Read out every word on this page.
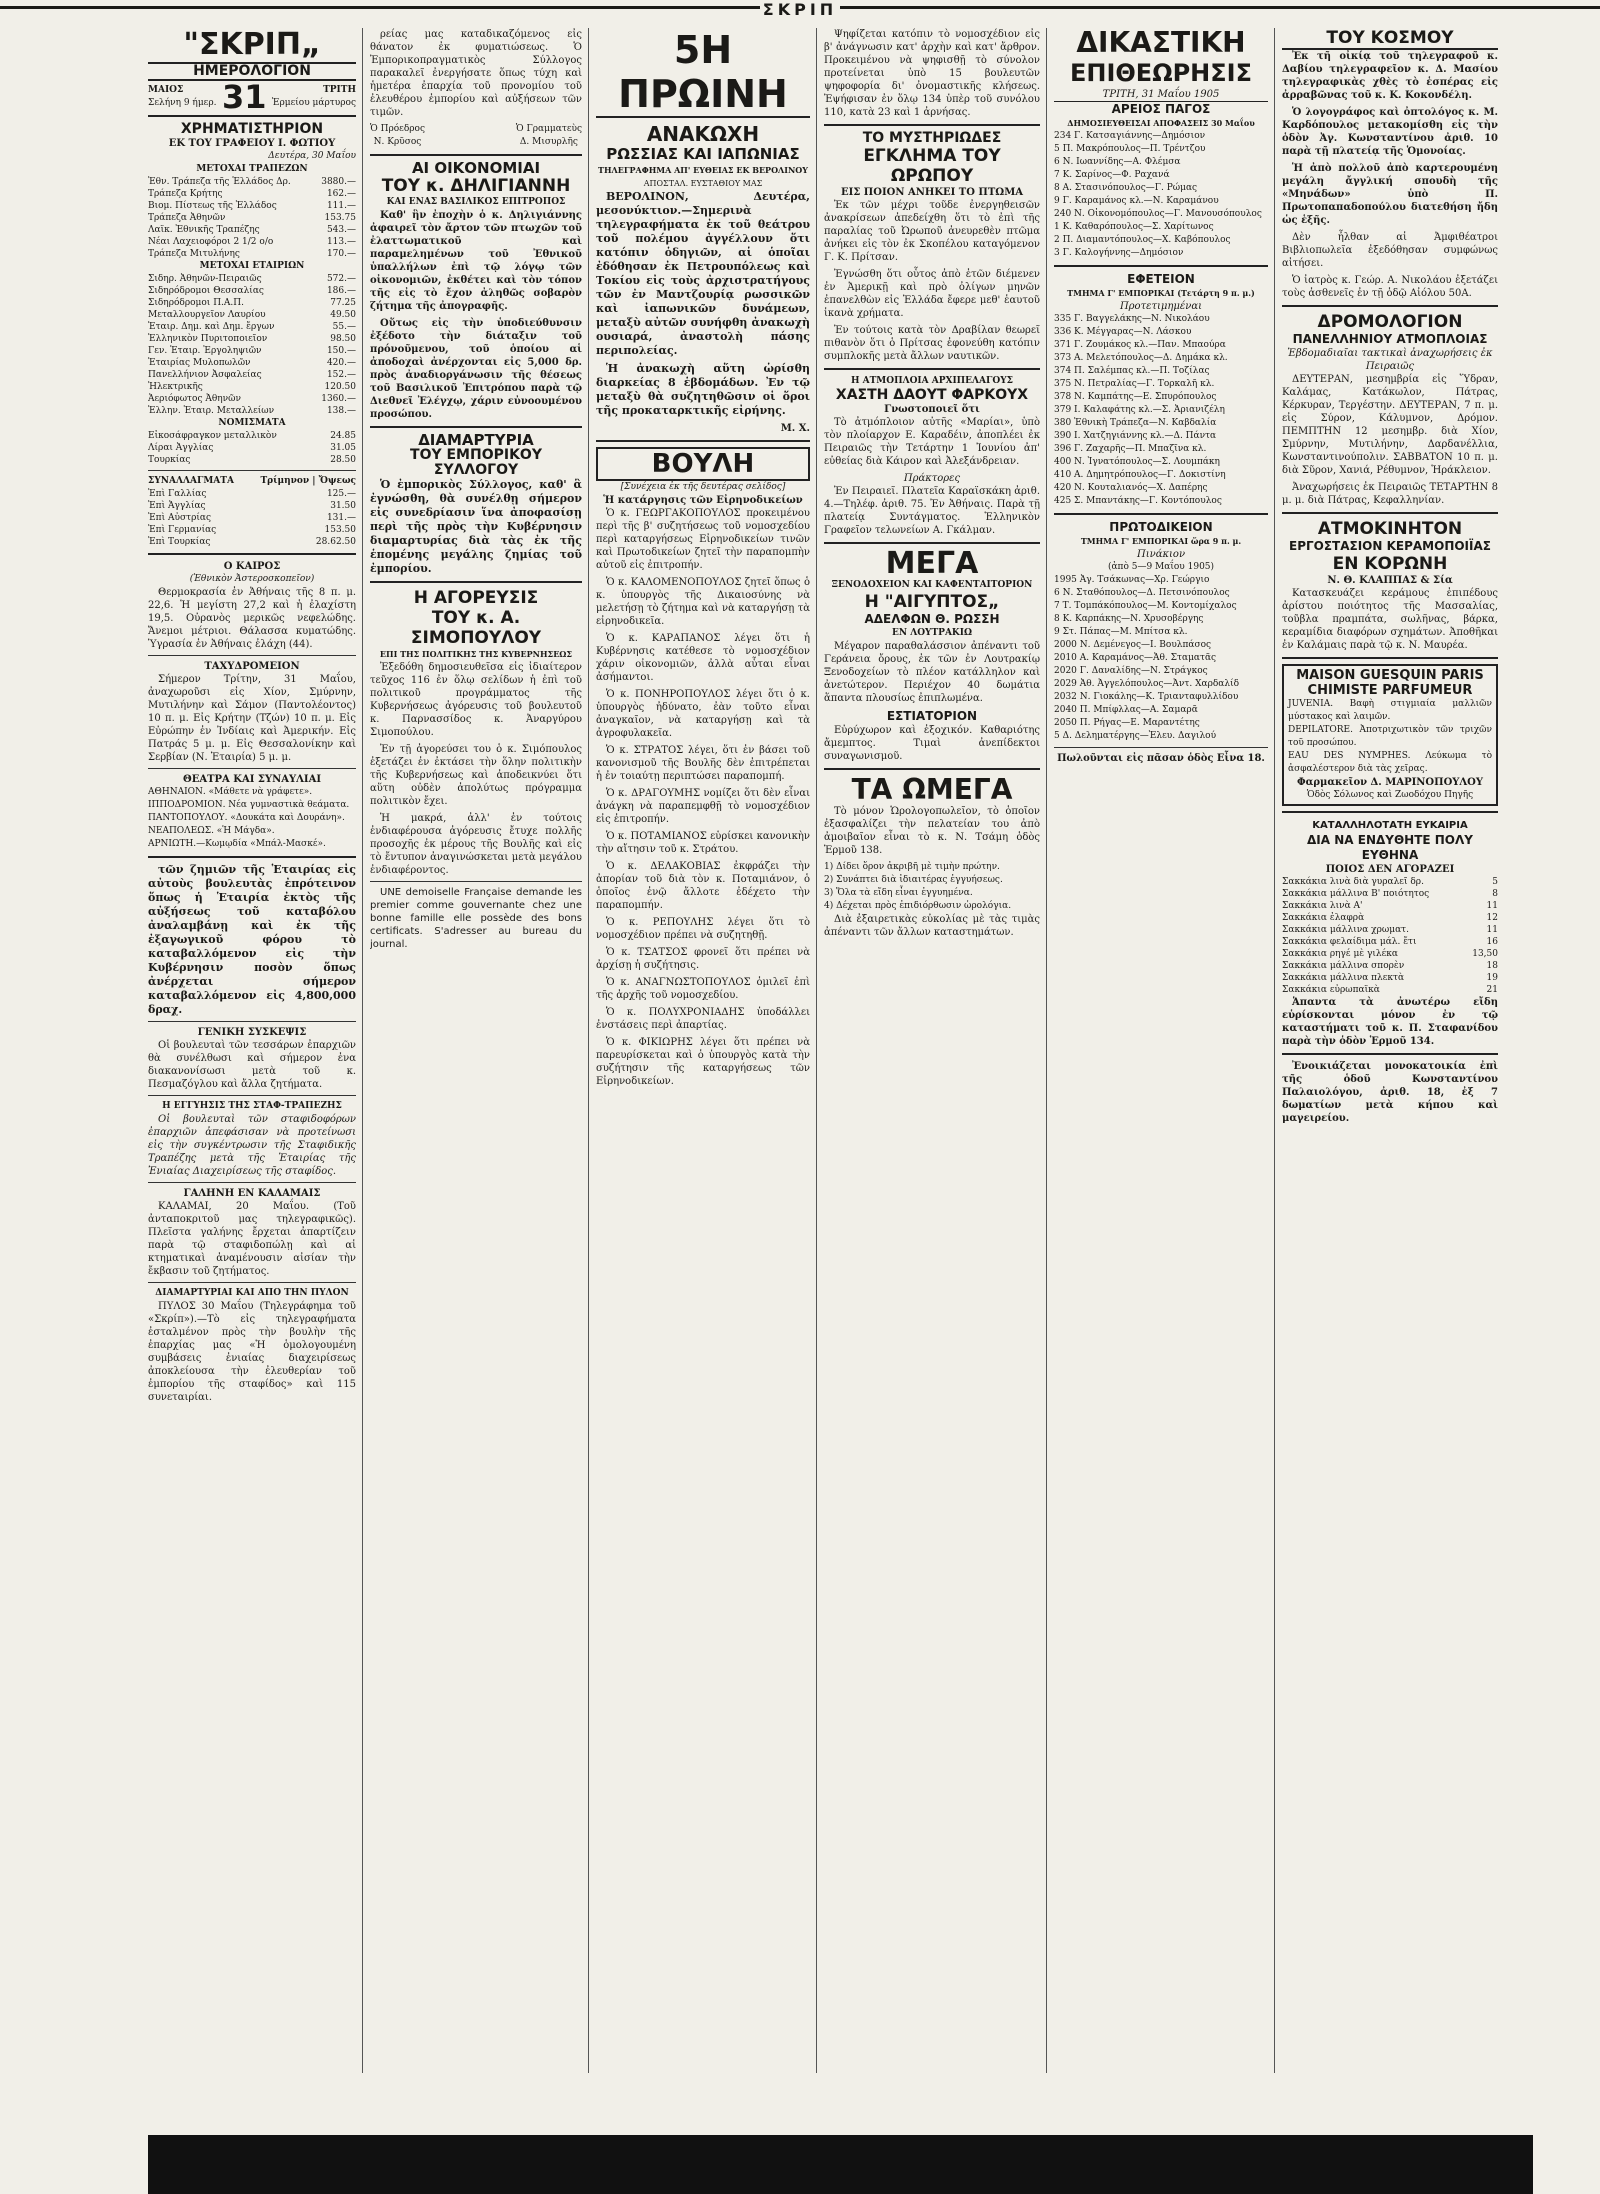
ΣΚΡΙΠ
"ΣΚΡΙΠ„
ΗΜΕΡΟΛΟΓΙΟΝ
ΜΑΙΟΣ
Σελήνη 9 ήμερ. 31	ΤΡΙΤΗ
Ἑρμείου μάρτυρος
ΧΡΗΜΑΤΙΣΤΗΡΙΟΝ
ΕΚ ΤΟΥ ΓΡΑΦΕΙΟΥ Ι. ΦΩΤΙΟΥ
Δευτέρα, 30 Μαΐου
ΜΕΤΟΧΑΙ ΤΡΑΠΕΖΩΝ
Ἐθν. Τράπεζα τῆς Ἑλλάδος Δρ.	3880.—
Τράπεζα Κρήτης	162.—
Βιομ. Πίστεως τῆς Ἑλλάδος	111.—
Τράπεζα Ἀθηνῶν	153.75
Λαϊκ. Ἐθνικῆς Τραπέζης	543.—
Νέαι Λαχειοφόροι 2 1/2 ο/ο	113.—
Τράπεζα Μιτυλήνης	170.—
ΜΕΤΟΧΑΙ ΕΤΑΙΡΙΩΝ
Σιδηρ. Ἀθηνῶν-Πειραιῶς	572.—
Σιδηρόδρομοι Θεσσαλίας	186.—
Σιδηρόδρομοι Π.Α.Π.	77.25
Μεταλλουργεῖον Λαυρίου	49.50
Ἑταιρ. Δημ. καὶ Δημ. ἔργων	55.—
Ἑλληνικὸν Πυριτοποιεῖον	98.50
Γεν. Ἑταιρ. Ἐργοληψιῶν	150.—
Ἑταιρίας Μυλοπωλῶν	420.—
Πανελλήνιον Ἀσφαλείας	152.—
Ἠλεκτρικῆς	120.50
Ἀεριόφωτος Ἀθηνῶν	1360.—
Ἑλλην. Ἑταιρ. Μεταλλείων	138.—
ΝΟΜΙΣΜΑΤΑ
Εἰκοσάφραγκον μεταλλικὸν	24.85
Λίραι Ἀγγλίας	31.05
Τουρκίας	28.50
ΣΥΝΑΛΛΑΓΜΑΤΑ	Τρίμηνον | Ὄψεως
Ἐπὶ Γαλλίας	125.—
Ἐπὶ Ἀγγλίας	31.50
Ἐπὶ Αὐστρίας	131.—
Ἐπὶ Γερμανίας	153.50
Ἐπὶ Τουρκίας	28.62.50
Ο ΚΑΙΡΟΣ
(Ἐθνικὸν Ἀστεροσκοπεῖον)

Θερμοκρασία ἐν Ἀθήναις τῆς 8 π. μ. 22,6. Ἡ μεγίστη 27,2 καὶ ἡ ἐλαχίστη 19,5. Οὐρανὸς μερικῶς νεφελώδης. Ἄνεμοι μέτριοι. Θάλασσα κυματώδης. Ὑγρασία ἐν Ἀθήναις ἐλάχη (44).

ΤΑΧΥΔΡΟΜΕΙΟΝ

Σήμερον Τρίτην, 31 Μαΐου, ἀναχωροῦσι εἰς Χίον, Σμύρνην, Μυτιλήνην καὶ Σάμον (Παντολέοντος) 10 π. μ. Εἰς Κρήτην (Τζών) 10 π. μ. Εἰς Εὐρώπην ἐν Ἰνδίαις καὶ Ἀμερικήν. Εἰς Πατράς 5 μ. μ. Εἰς Θεσσαλονίκην καὶ Σερβίαν (Ν. Ἑταιρία) 5 μ. μ.

ΘΕΑΤΡΑ ΚΑΙ ΣΥΝΑΥΛΙΑΙ
ΑΘΗΝΑΙΟΝ. «Μάθετε νὰ γράφετε».
ΙΠΠΟΔΡΟΜΙΟΝ. Νέα γυμναστικὰ θεάματα.
ΠΑΝΤΟΠΟΥΛΟΥ. «Δουκάτα καὶ Δουράνη».
ΝΕΑΠΟΛΕΩΣ. «Ἡ Μάγδα».
ΑΡΝΙΩΤΗ.—Κωμῳδία «Μπάλ-Μασκέ».

τῶν ζημιῶν τῆς Ἑταιρίας εἰς αὐτοὺς βουλευτὰς ἐπρότεινον ὅπως ἡ Ἑταιρία ἐκτὸς τῆς αὐξήσεως τοῦ καταβόλου ἀναλαμβάνῃ καὶ ἐκ τῆς ἐξαγωγικοῦ φόρου τὸ καταβαλλόμενον εἰς τὴν Κυβέρνησιν ποσὸν ὅπως ἀνέρχεται σήμερον καταβαλλόμενον εἰς 4,800,000 δραχ.

ΓΕΝΙΚΗ ΣΥΣΚΕΨΙΣ

Οἱ βουλευταὶ τῶν τεσσάρων ἐπαρχιῶν θὰ συνέλθωσι καὶ σήμερον ἐνα διακανονίσωσι μετὰ τοῦ κ. Πεσμαζόγλου καὶ ἄλλα ζητήματα.

Η ΕΓΓΥΗΣΙΣ ΤΗΣ ΣΤΑΦ-ΤΡΑΠΕΖΗΣ

Οἱ βουλευταὶ τῶν σταφιδοφόρων ἐπαρχιῶν ἀπεφάσισαν νὰ προτείνωσι εἰς τὴν συγκέντρωσιν τῆς Σταφιδικῆς Τραπέζης μετὰ τῆς Ἑταιρίας τῆς Ἐνιαίας Διαχειρίσεως τῆς σταφίδος.

ΓΑΛΗΝΗ ΕΝ ΚΑΛΑΜΑΙΣ

ΚΑΛΑΜΑΙ, 20 Μαΐου. (Τοῦ ἀνταποκριτοῦ μας τηλεγραφικῶς). Πλεῖστα γαλήνης ἔρχεται ἀπαρτίζειν παρὰ τῷ σταφιδοπώλῃ καὶ αἱ κτηματικαὶ ἀναμένουσιν αἰσίαν τὴν ἔκβασιν τοῦ ζητήματος.

ΔΙΑΜΑΡΤΥΡΙΑΙ ΚΑΙ ΑΠΟ ΤΗΝ ΠΥΛΟΝ

ΠΥΛΟΣ 30 Μαΐου (Τηλεγράφημα τοῦ «Σκρίπ»).—Τὸ εἰς τηλεγραφήματα ἐσταλμένον πρὸς τὴν βουλὴν τῆς ἐπαρχίας μας «Ἡ ὁμολογουμένη συμβάσεις ἐνιαίας διαχειρίσεως ἀποκλείουσα τὴν ἐλευθερίαν τοῦ ἐμπορίου τῆς σταφίδος» καὶ 115 συνεταιρίαι.

ρείας μας καταδικαζόμενος εἰς θάνατον ἐκ φυματιώσεως. Ὁ Ἐμπορικοπραγματικὸς Σύλλογος παρακαλεῖ ἐνεργήσατε ὅπως τύχη καὶ ἡμετέρα ἐπαρχία τοῦ προνομίου τοῦ ἐλευθέρου ἐμπορίου καὶ αὐξήσεων τῶν τιμῶν.

Ὁ Πρόεδρος
Ν. Κρῦσος
Ὁ Γραμματεὺς
Δ. Μισυρλῆς
ΑΙ ΟΙΚΟΝΟΜΙΑΙ
ΤΟΥ κ. ΔΗΛΙΓΙΑΝΝΗ
ΚΑΙ ΕΝΑΣ ΒΑΣΙΛΙΚΟΣ ΕΠΙΤΡΟΠΟΣ

Καθ' ἣν ἐποχὴν ὁ κ. Δηλιγιάννης ἀφαιρεῖ τὸν ἄρτον τῶν πτωχῶν τοῦ ἐλαττωματικοῦ καὶ παραμελημένων τοῦ Ἐθνικοῦ ὑπαλλήλων ἐπὶ τῷ λόγῳ τῶν οἰκονομιῶν, ἐκθέτει καὶ τὸν τόπον τῆς εἰς τὸ ἔχον ἀληθῶς σοβαρὸν ζήτημα τῆς ἀπογραφῆς.

Οὕτως εἰς τὴν ὑποδιεύθυνσιν ἐξέδοτο τὴν διάταξιν τοῦ πρόνοῦμενου, τοῦ ὁποίου αἱ ἀποδοχαὶ ἀνέρχονται εἰς 5,000 δρ. πρὸς ἀναδιοργάνωσιν τῆς θέσεως τοῦ Βασιλικοῦ Ἐπιτρόπου παρὰ τῷ Διεθνεῖ Ἐλέγχῳ, χάριν εὐνοουμένου προσώπου.

ΔΙΑΜΑΡΤΥΡΙΑ
ΤΟΥ ΕΜΠΟΡΙΚΟΥ ΣΥΛΛΟΓΟΥ

Ὁ ἐμπορικὸς Σύλλογος, καθ' ἃ ἐγνώσθη, θὰ συνέλθῃ σήμερον εἰς συνεδρίασιν ἵνα ἀποφασίσῃ περὶ τῆς πρὸς τὴν Κυβέρνησιν διαμαρτυρίας διὰ τὰς ἐκ τῆς ἑπομένης μεγάλης ζημίας τοῦ ἐμπορίου.

Η ΑΓΟΡΕΥΣΙΣ
ΤΟΥ κ. Α. ΣΙΜΟΠΟΥΛΟΥ
ΕΠΙ ΤΗΣ ΠΟΛΙΤΙΚΗΣ ΤΗΣ ΚΥΒΕΡΝΗΣΕΩΣ

Ἐξεδόθη δημοσιευθεῖσα εἰς ἰδιαίτερον τεῦχος 116 ἐν ὅλῳ σελίδων ἡ ἐπὶ τοῦ πολιτικοῦ προγράμματος τῆς Κυβερνήσεως ἀγόρευσις τοῦ βουλευτοῦ κ. Παρνασσίδος κ. Ἀναργύρου Σιμοπούλου.

Ἐν τῇ ἀγορεύσει του ὁ κ. Σιμόπουλος ἐξετάζει ἐν ἐκτάσει τὴν ὅλην πολιτικὴν τῆς Κυβερνήσεως καὶ ἀποδεικνύει ὅτι αὕτη οὐδὲν ἀπολύτως πρόγραμμα πολιτικὸν ἔχει.

Ἡ μακρά, ἀλλ' ἐν τούτοις ἐνδιαφέρουσα ἀγόρευσις ἔτυχε πολλῆς προσοχῆς ἐκ μέρους τῆς Βουλῆς καὶ εἰς τὸ ἔντυπον ἀναγινώσκεται μετὰ μεγάλου ἐνδιαφέροντος.

UNE demoiselle Française demande les premier comme gouvernante chez une bonne famille elle possède des bons certificats. S'adresser au bureau du journal.

5Η ΠΡΩΙΝΗ
ΑΝΑΚΩΧΗ
ΡΩΣΣΙΑΣ ΚΑΙ ΙΑΠΩΝΙΑΣ
ΤΗΛΕΓΡΑΦΗΜΑ ΑΠ' ΕΥΘΕΙΑΣ ΕΚ ΒΕΡΟΛΙΝΟΥ
ΑΠΟΣΤΑΛ. ΕΥΣΤΑΘΙΟΥ ΜΑΣ

ΒΕΡΟΛΙΝΟΝ, Δευτέρα, μεσονύκτιον.—Σημερινὰ τηλεγραφήματα ἐκ τοῦ θεάτρου τοῦ πολέμου ἀγγέλλουν ὅτι κατόπιν ὁδηγιῶν, αἱ ὁποῖαι ἐδόθησαν ἐκ Πετρουπόλεως καὶ Τοκίου εἰς τοὺς ἀρχιστρατήγους τῶν ἐν Μαντζουρίᾳ ρωσσικῶν καὶ ἰαπωνικῶν δυνάμεων, μεταξὺ αὐτῶν συνήφθη ἀνακωχὴ ουσιαρά, ἀναστολὴ πάσης περιπολείας.

Ἡ ἀνακωχὴ αὕτη ὡρίσθη διαρκείας 8 ἑβδομάδων. Ἐν τῷ μεταξὺ θὰ συζητηθῶσιν οἱ ὅροι τῆς προκαταρκτικῆς εἰρήνης.

Μ. Χ.
ΒΟΥΛΗ
[Συνέχεια ἐκ τῆς δευτέρας σελίδος]
Ἡ κατάργησις τῶν Εἰρηνοδικείων

Ὁ κ. ΓΕΩΡΓΑΚΟΠΟΥΛΟΣ προκειμένου περὶ τῆς β' συζητήσεως τοῦ νομοσχεδίου περὶ καταργήσεως Εἰρηνοδικείων τινῶν καὶ Πρωτοδικείων ζητεῖ τὴν παραπομπὴν αὐτοῦ εἰς ἐπιτροπήν.

Ὁ κ. ΚΑΛΟΜΕΝΟΠΟΥΛΟΣ ζητεῖ ὅπως ὁ κ. ὑπουργὸς τῆς Δικαιοσύνης νὰ μελετήσῃ τὸ ζήτημα καὶ νὰ καταργήσῃ τὰ εἰρηνοδικεῖα.

Ὁ κ. ΚΑΡΑΠΑΝΟΣ λέγει ὅτι ἡ Κυβέρνησις κατέθεσε τὸ νομοσχέδιον χάριν οἰκονομιῶν, ἀλλὰ αὗται εἶναι ἀσήμαντοι.

Ὁ κ. ΠΟΝΗΡΟΠΟΥΛΟΣ λέγει ὅτι ὁ κ. ὑπουργὸς ἠδύνατο, ἐὰν τοῦτο εἶναι ἀναγκαῖον, νὰ καταργήσῃ καὶ τὰ ἀγροφυλακεῖα.

Ὁ κ. ΣΤΡΑΤΟΣ λέγει, ὅτι ἐν βάσει τοῦ κανονισμοῦ τῆς Βουλῆς δὲν ἐπιτρέπεται ἡ ἐν τοιαύτῃ περιπτώσει παραπομπή.

Ὁ κ. ΔΡΑΓΟΥΜΗΣ νομίζει ὅτι δὲν εἶναι ἀνάγκη νὰ παραπεμφθῇ τὸ νομοσχέδιον εἰς ἐπιτροπήν.

Ὁ κ. ΠΟΤΑΜΙΑΝΟΣ εὑρίσκει κανονικὴν τὴν αἴτησιν τοῦ κ. Στράτου.

Ὁ κ. ΔΕΛΑΚΟΒΙΑΣ ἐκφράζει τὴν ἀπορίαν τοῦ διὰ τὸν κ. Ποταμιάνον, ὁ ὁποῖος ἐνῷ ἄλλοτε ἐδέχετο τὴν παραπομπήν.

Ὁ κ. ΡΕΠΟΥΛΗΣ λέγει ὅτι τὸ νομοσχέδιον πρέπει νὰ συζητηθῇ.

Ὁ κ. ΤΣΑΤΣΟΣ φρονεῖ ὅτι πρέπει νὰ ἀρχίσῃ ἡ συζήτησις.

Ὁ κ. ΑΝΑΓΝΩΣΤΟΠΟΥΛΟΣ ὁμιλεῖ ἐπὶ τῆς ἀρχῆς τοῦ νομοσχεδίου.

Ὁ κ. ΠΟΛΥΧΡΟΝΙΑΔΗΣ ὑποδάλλει ἐνστάσεις περὶ ἀπαρτίας.

Ὁ κ. ΦΙΚΙΩΡΗΣ λέγει ὅτι πρέπει νὰ παρευρίσκεται καὶ ὁ ὑπουργὸς κατὰ τὴν συζήτησιν τῆς καταργήσεως τῶν Εἰρηνοδικείων.

Ψηφίζεται κατόπιν τὸ νομοσχέδιον εἰς β' ἀνάγνωσιν κατ' ἀρχὴν καὶ κατ' ἄρθρον. Προκειμένου νὰ ψηφισθῇ τὸ σύνολον προτείνεται ὑπὸ 15 βουλευτῶν ψηφοφορία δι' ὀνομαστικῆς κλήσεως. Ἐψήφισαν ἐν ὅλῳ 134 ὑπὲρ τοῦ συνόλου 110, κατὰ 23 καὶ 1 ἀρνήσας.

ΤΟ ΜΥΣΤΗΡΙΩΔΕΣ
ΕΓΚΛΗΜΑ ΤΟΥ ΩΡΩΠΟΥ
ΕΙΣ ΠΟΙΟΝ ΑΝΗΚΕΙ ΤΟ ΠΤΩΜΑ

Ἐκ τῶν μέχρι τοῦδε ἐνεργηθεισῶν ἀνακρίσεων ἀπεδείχθη ὅτι τὸ ἐπὶ τῆς παραλίας τοῦ Ὠρωποῦ ἀνευρεθὲν πτῶμα ἀνήκει εἰς τὸν ἐκ Σκοπέλου καταγόμενον Γ. Κ. Πρίτσαν.

Ἐγνώσθη ὅτι οὗτος ἀπὸ ἐτῶν διέμενεν ἐν Ἀμερικῇ καὶ πρὸ ὀλίγων μηνῶν ἐπανελθὼν εἰς Ἑλλάδα ἔφερε μεθ' ἑαυτοῦ ἱκανὰ χρήματα.

Ἐν τούτοις κατὰ τὸν Δραβίλαν θεωρεῖ πιθανὸν ὅτι ὁ Πρίτσας ἐφονεύθη κατόπιν συμπλοκῆς μετὰ ἄλλων ναυτικῶν.

Η ΑΤΜΟΠΛΟΙΑ ΑΡΧΙΠΕΛΑΓΟΥΣ
ΧΑΣΤΗ ΔΑΟΥΤ ΦΑΡΚΟΥΧ
Γνωστοποιεῖ ὅτι

Τὸ ἀτμόπλοιον αὐτῆς «Μαρίαι», ὑπὸ τὸν πλοίαρχον Ε. Καραδέιν, ἀποπλέει ἐκ Πειραιῶς τὴν Τετάρτην 1 Ἰουνίου ἀπ' εὐθείας διὰ Κάιρον καὶ Ἀλεξάνδρειαν.

Πράκτορες

Ἐν Πειραιεῖ. Πλατεῖα Καραϊσκάκη ἀριθ. 4.—Τηλέφ. ἀριθ. 75. Ἐν Ἀθήναις. Παρὰ τῇ πλατείᾳ Συντάγματος. Ἑλληνικὸν Γραφεῖον τελωνείων Α. Γκάλμαν.

ΜΕΓΑ
ΞΕΝΟΔΟΧΕΙΟΝ ΚΑΙ ΚΑΦΕΝΤΑΙΤΟΡΙΟΝ
Η "ΑΙΓΥΠΤΟΣ„
ΑΔΕΛΦΩΝ Θ. ΡΩΣΣΗ
ΕΝ ΛΟΥΤΡΑΚΙΩ

Μέγαρον παραθαλάσσιον ἀπέναντι τοῦ Γεράνεια ὄρους, ἐκ τῶν ἐν Λουτρακίῳ Ξενοδοχείων τὸ πλέον κατάλληλον καὶ ἀνετώτερον. Περιέχον 40 δωμάτια ἅπαντα πλουσίως ἐπιπλωμένα.

ΕΣΤΙΑΤΟΡΙΟΝ

Εὐρύχωρον καὶ ἐξοχικόν. Καθαριότης ἄμεμπτος. Τιμαὶ ἀνεπίδεκτοι συναγωνισμοῦ.

ΤΑ ΩΜΕΓΑ

Τὸ μόνον Ὡρολογοπωλεῖον, τὸ ὁποῖον ἐξασφαλίζει τὴν πελατείαν του ἀπὸ ἀμοιβαῖον εἶναι τὸ κ. Ν. Τσάμη ὁδὸς Ἑρμοῦ 138.

1) Δίδει ὅρον ἀκριβῆ μὲ τιμὴν πρώτην.
2) Συνάπτει διὰ ἰδιαιτέρας ἐγγυήσεως.
3) Ὅλα τὰ εἴδη εἶναι ἐγγυημένα.
4) Δέχεται πρὸς ἐπιδιόρθωσιν ὡρολόγια.

Διὰ ἐξαιρετικὰς εὐκολίας μὲ τὰς τιμὰς ἀπέναντι τῶν ἄλλων καταστημάτων.

ΔΙΚΑΣΤΙΚΗ
ΕΠΙΘΕΩΡΗΣΙΣ
ΤΡΙΤΗ, 31 Μαΐου 1905
ΑΡΕΙΟΣ ΠΑΓΟΣ
ΔΗΜΟΣΙΕΥΘΕΙΣΑΙ ΑΠΟΦΑΣΕΙΣ 30 Μαΐου
234 Γ. Κατσαγιάννης—Δημόσιον
5 Π. Μακρόπουλος—Π. Τρέντζου
6 Ν. Ιωαννίδης—Α. Φλέμσα
7 Κ. Σαρίνος—Φ. Ραχανά
8 Α. Στασινόπουλος—Γ. Ρώμας
9 Γ. Καραμάνος κλ.—Ν. Καραμάνου
240 Ν. Οἰκονομόπουλος—Γ. Μανουσόπουλος
1 Κ. Καθαρόπουλος—Σ. Χαρίτωνος
2 Π. Διαμαντόπουλος—Χ. Καβόπουλος
3 Γ. Καλογήννης—Δημόσιον
ΕΦΕΤΕΙΟΝ
ΤΜΗΜΑ Γ' ΕΜΠΟΡΙΚΑΙ (Τετάρτη 9 π. μ.)
Προτετιμημέναι
335 Γ. Βαγγελάκης—Ν. Νικολάου
336 Κ. Μέγγαρας—Ν. Λάσκου
371 Γ. Ζουμάκος κλ.—Παν. Μπαούρα
373 Α. Μελετόπουλος—Δ. Δημάκα κλ.
374 Π. Σαλέμπας κλ.—Π. Τοζίλας
375 Ν. Πετραλίας—Γ. Τορκαλῆ κλ.
378 Ν. Καμπάτης—Ε. Σπυρόπουλος
379 Ι. Καλαφάτης κλ.—Σ. Ἀριανιζέλη
380 Ἐθνικὴ Τράπεζα—Ν. Καβδαλία
390 Ι. Χατζηγιάννης κλ.—Δ. Πάντα
396 Γ. Ζαχαρῆς—Π. Μπαζῖνα κλ.
400 Ν. Ἰγνατόπουλος—Σ. Λουμπάκη
410 Α. Δημητρόπουλος—Γ. Δοκιστίνη
420 Ν. Κουταλιανός—Χ. Δαπέρης
425 Σ. Μπαντάκης—Γ. Κοντόπουλος
ΠΡΩΤΟΔΙΚΕΙΟΝ
ΤΜΗΜΑ Γ' ΕΜΠΟΡΙΚΑΙ ὥρα 9 π. μ.
Πινάκιον
(ἀπὸ 5—9 Μαΐου 1905)
1995 Ἀγ. Τσάκωνας—Χρ. Γεώργιο
6 Ν. Σταθόπουλος—Δ. Πετσινόπουλος
7 Τ. Τομπάκόπουλος—Μ. Κοντομίχαλος
8 Κ. Καρπάκης—Ν. Χρυσοβέργης
9 Στ. Πάπας—Μ. Μπίτσα κλ.
2000 Ν. Δεμένεγος—Ι. Βουλπάσος
2010 Α. Καραμάνος—Ἀθ. Σταματᾶς
2020 Γ. Δαναλίδης—Ν. Στράγκος
2029 Ἀθ. Ἀγγελόπουλος—Ἀντ. Χαρδαλίδ
2032 Ν. Γιοκάλης—Κ. Τριανταφυλλίδου
2040 Π. Μπίφλλας—Α. Σαμαρᾶ
2050 Π. Ρήγας—Ε. Μαραντέτης
5 Δ. Δεληματέργης—Ἐλευ. Δαγιλού
Πωλοῦνται εἰς πᾶσαν ὁδὸς Εἶνα 18.
ΤΟΥ ΚΟΣΜΟΥ

Ἐκ τῆ οἰκίᾳ τοῦ τηλεγραφοῦ κ. Δαβίου τηλεγραφεῖον κ. Δ. Μασίου τηλεγραφικὰς χθὲς τὸ ἑσπέρας εἰς ἀρραβῶνας τοῦ κ. Κ. Κοκονδέλη.

Ὁ λογογράφος καὶ ὀπτολόγος κ. Μ. Καρδόπουλος μετακομίσθη εἰς τὴν ὁδὸν Ἀγ. Κωνσταντίνου ἀριθ. 10 παρὰ τῇ πλατείᾳ τῆς Ὁμονοίας.

Ἡ ἀπὸ πολλοῦ ἀπὸ καρτερουμένη μεγάλη ἄγγλική σπουδὴ τῆς «Μηνάδων» ὑπὸ Π. Πρωτοπαπαδοπούλου διατεθήση ἤδη ὡς ἑξῆς.

Δὲν ἦλθαν αἱ Ἀμφιθέατροι Βιβλιοπωλεῖα ἐξεδόθησαν συμφώνως αἰτήσει.

Ὁ ἰατρὸς κ. Γεώρ. Α. Νικολάου ἐξετάζει τοὺς ἀσθενεῖς ἐν τῇ ὁδῷ Αἰόλου 50Α.

ΔΡΟΜΟΛΟΓΙΟΝ
ΠΑΝΕΛΛΗΝΙΟΥ ΑΤΜΟΠΛΟΙΑΣ
Ἑβδομαδιαῖαι τακτικαὶ ἀναχωρήσεις ἐκ Πειραιῶς

ΔΕΥΤΕΡΑΝ, μεσημβρία εἰς Ὕδραν, Καλάμας, Κατάκωλον, Πάτρας, Κέρκυραν, Τεργέστην. ΔΕΥΤΕΡΑΝ, 7 π. μ. εἰς Σύρον, Κάλυμνον, Δρόμον. ΠΕΜΠΤΗΝ 12 μεσημβρ. διὰ Χίον, Σμύρνην, Μυτιλήνην, Δαρδανέλλια, Κωνσταντινούπολιν. ΣΑΒΒΑΤΟΝ 10 π. μ. διὰ Σῦρον, Χανιά, Ρέθυμνον, Ἡράκλειον.

Ἀναχωρήσεις ἐκ Πειραιῶς ΤΕΤΑΡΤΗΝ 8 μ. μ. διὰ Πάτρας, Κεφαλληνίαν.

ΑΤΜΟΚΙΝΗΤΟΝ
ΕΡΓΟΣΤΑΣΙΟΝ ΚΕΡΑΜΟΠΟΙΪΑΣ
ΕΝ ΚΟΡΩΝΗ
Ν. Θ. ΚΛΑΠΠΑΣ & Σία

Κατασκευάζει κεράμους ἐπιπέδους ἀρίστου ποιότητος τῆς Μασσαλίας, τοῦβλα πραμπάτα, σωλῆνας, βάρκα, κεραμίδια διαφόρων σχημάτων. Ἀποθῆκαι ἐν Καλάμαις παρὰ τῷ κ. Ν. Μαυρέα.

MAISON GUESQUIN PARIS
CHIMISTE PARFUMEUR
JUVENIA. Βαφὴ στιγμιαία μαλλιῶν μύστακος καὶ λαιμῶν.
DEPILATORE. Ἀποτριχωτικὸν τῶν τριχῶν τοῦ προσώπου.
EAU DES NYMPHES. Λεύκωμα τὸ ἀσφαλέστερον διὰ τὰς χεῖρας.
Φαρμακεῖον Δ. ΜΑΡΙΝΟΠΟΥΛΟΥ
Ὁδὸς Σόλωνος καὶ Ζωοδόχου Πηγῆς
ΚΑΤΑΛΛΗΛΟΤΑΤΗ ΕΥΚΑΙΡΙΑ
ΔΙΑ ΝΑ ΕΝΔΥΘΗΤΕ ΠΟΛΥ ΕΥΘΗΝΑ
ΠΟΙΟΣ ΔΕΝ ΑΓΟΡΑΖΕΙ
Σακκάκια λινὰ διὰ γυραλεῖ δρ.	5
Σακκάκια μάλλινα Β' ποιότητος	8
Σακκάκια λινὰ Α'	11
Σακκάκια ἐλαφρὰ	12
Σακκάκια μάλλινα χρωματ.	11
Σακκάκια φελαίδιμα μάλ. ἔτι	16
Σακκάκια ρηγέ μὲ γιλέκα	13,50
Σακκάκια μάλλινα σπορὲν	18
Σακκάκια μάλλινα πλεκτὰ	19
Σακκάκια εὐρωπαϊκὰ	21

Ἁπαντα τὰ ἀνωτέρω εἴδη εὑρίσκονται μόνον ἐν τῷ καταστήματι τοῦ κ. Π. Σταφανίδου παρὰ τὴν ὁδὸν Ἑρμοῦ 134.

Ἐνοικιάζεται μονοκατοικία ἐπὶ τῆς ὁδοῦ Κωνσταντίνου Παλαιολόγου, ἀριθ. 18, ἐξ 7 δωματίων μετὰ κήπου καὶ μαγειρείου.
